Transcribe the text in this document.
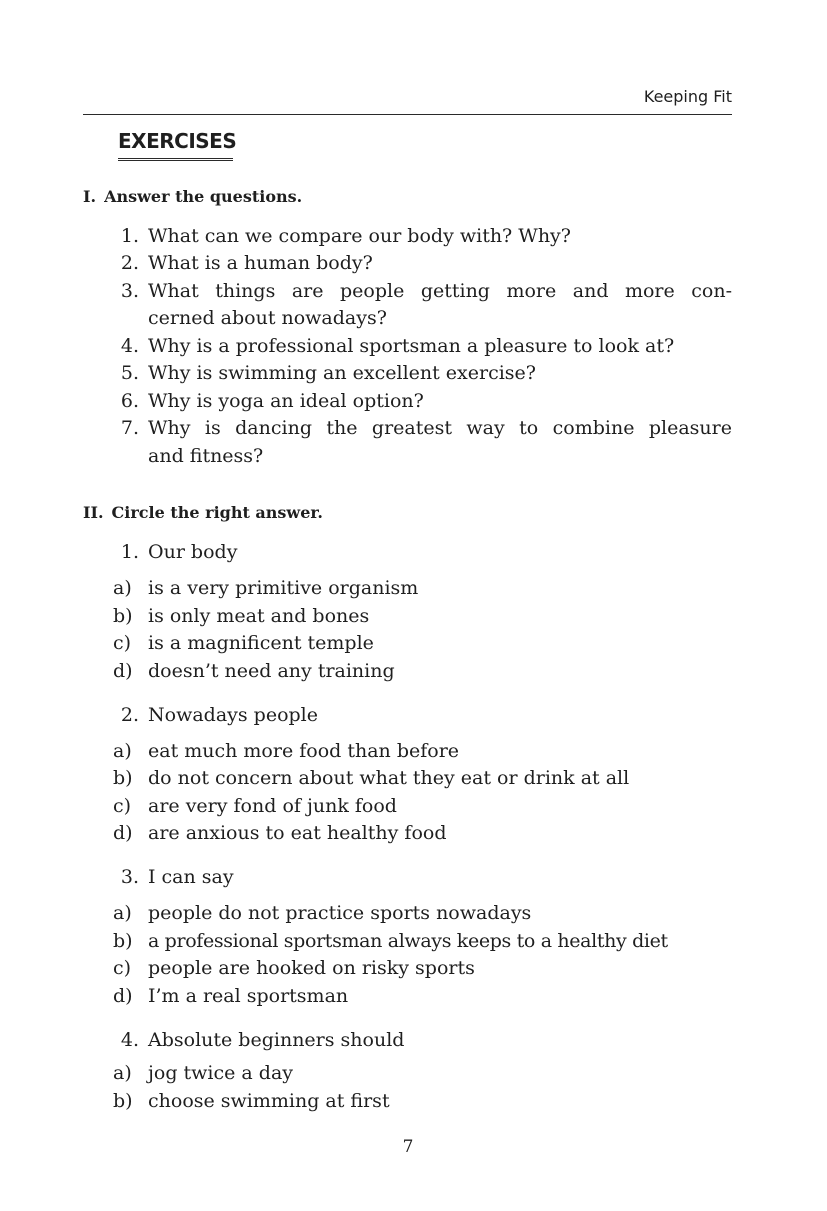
Keeping Fit
EXERCISES
I. Answer the questions.
1. What can we compare our body with? Why?
2. What is a human body?
3. What things are people getting more and more con-
cerned about nowadays?
4. Why is a professional sportsman a pleasure to look at?
5. Why is swimming an excellent exercise?
6. Why is yoga an ideal option?
7. Why is dancing the greatest way to combine pleasure
and fitness?
II. Circle the right answer.
1. Our body
a) is a very primitive organism
b) is only meat and bones
c) is a magnificent temple
d) doesn’t need any training
2. Nowadays people
a) eat much more food than before
b) do not concern about what they eat or drink at all
c) are very fond of junk food
d) are anxious to eat healthy food
3. I can say
a) people do not practice sports nowadays
b) a professional sportsman always keeps to a healthy diet
c) people are hooked on risky sports
d) I’m a real sportsman
4. Absolute beginners should
a) jog twice a day
b) choose swimming at first
7
